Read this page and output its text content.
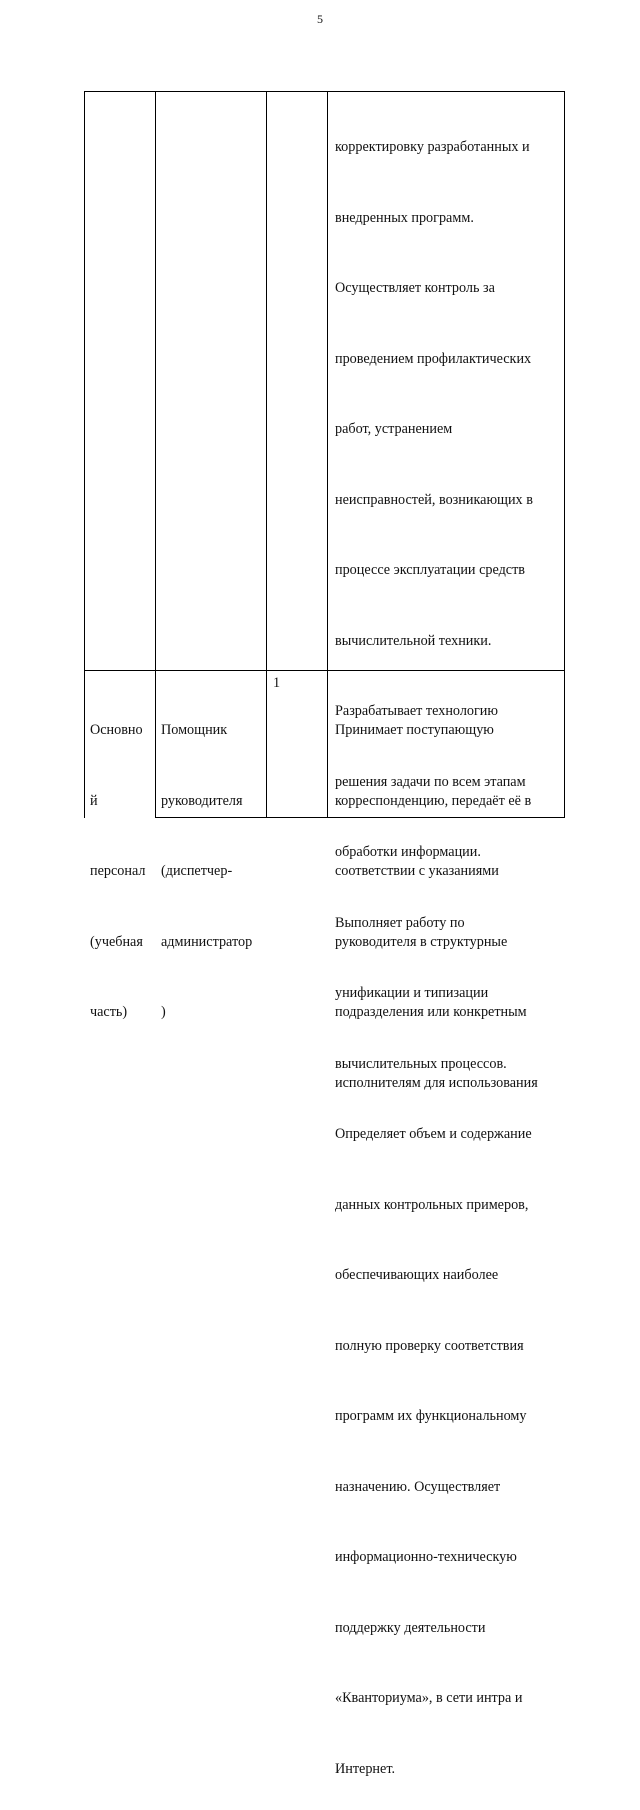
5

корректировку разработанных и

внедренных программ.

Осуществляет контроль за

проведением профилактических

работ, устранением

неисправностей, возникающих в

процессе эксплуатации средств

вычислительной техники.

Разрабатывает технологию

решения задачи по всем этапам

обработки информации.

Выполняет работу по

унификации и типизации

вычислительных процессов.

Определяет объем и содержание

данных контрольных примеров,

обеспечивающих наиболее

полную проверку соответствия

программ их функциональному

назначению. Осуществляет

информационно-техническую

поддержку деятельности

«Кванториума», в сети интра и

Интернет.

Основно

й

персонал

(учебная

часть)

Помощник

руководителя

(диспетчер-

администратор

)

1

Принимает поступающую

корреспонденцию, передаёт её в

соответствии с указаниями

руководителя в структурные

подразделения или конкретным

исполнителям для использования
